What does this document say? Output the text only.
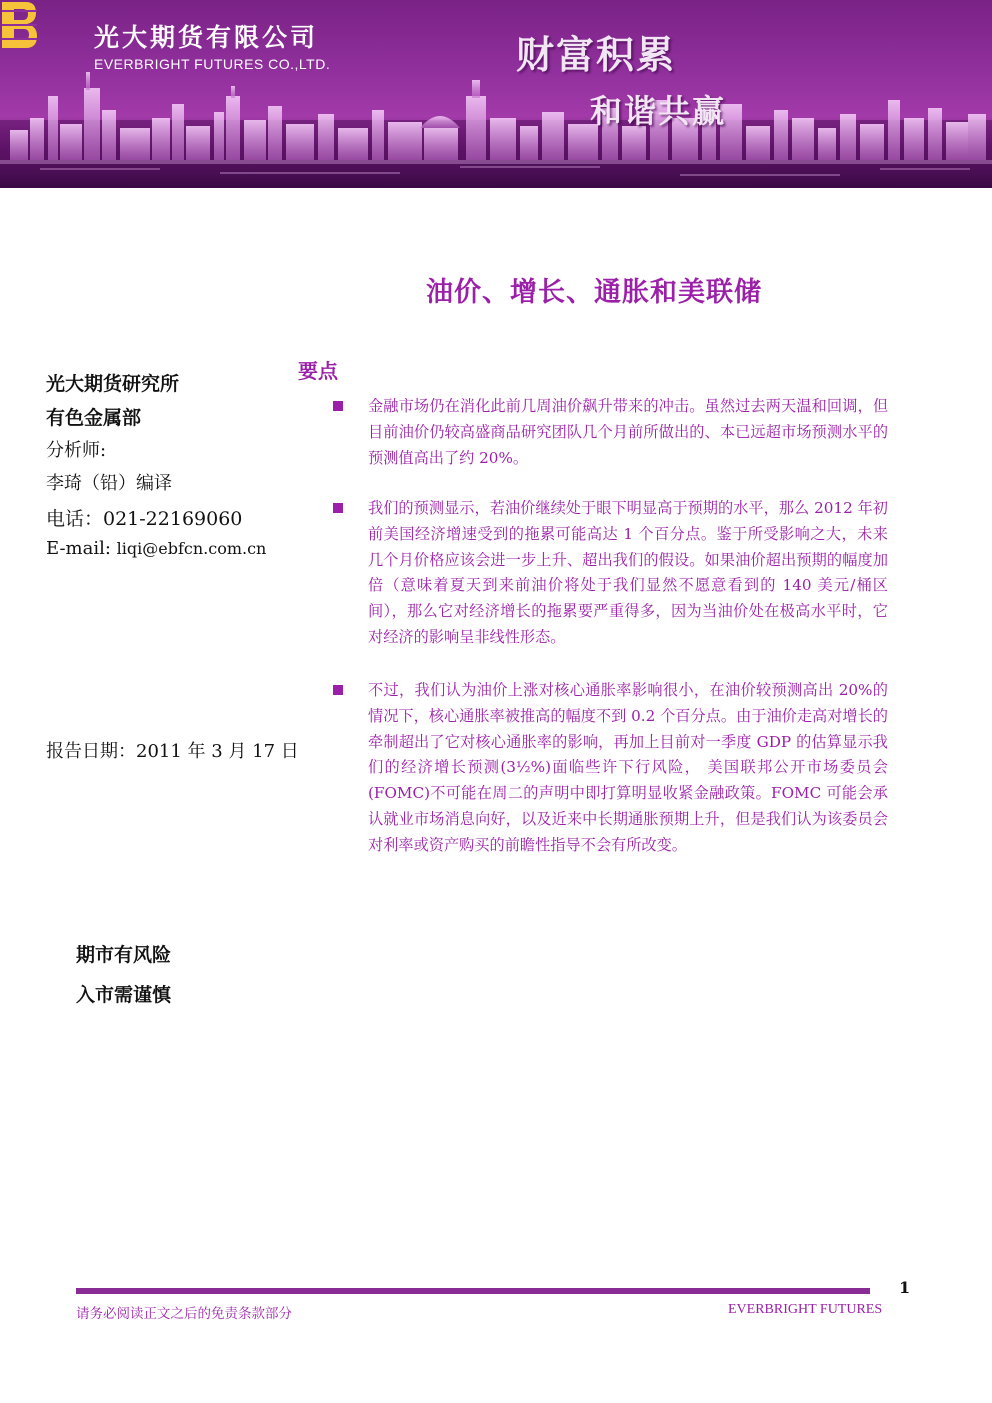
光大期货有限公司
EVERBRIGHT FUTURES CO.,LTD.	财富积累
和谐共赢
油价、增长、通胀和美联储
光大期货研究所
有色金属部
分析师:
李琦（铅）编译
电话：021-22169060
E-mail: liqi@ebfcn.com.cn
报告日期：2011 年 3 月 17 日
期市有风险
入市需谨慎
要点
金融市场仍在消化此前几周油价飙升带来的冲击。虽然过去两天温和回调，但目前油价仍较高盛商品研究团队几个月前所做出的、本已远超市场预测水平的预测值高出了约 20%。
我们的预测显示，若油价继续处于眼下明显高于预期的水平，那么 2012 年初前美国经济增速受到的拖累可能高达 1 个百分点。鉴于所受影响之大，未来几个月价格应该会进一步上升、超出我们的假设。如果油价超出预期的幅度加倍（意味着夏天到来前油价将处于我们显然不愿意看到的 140 美元/桶区间），那么它对经济增长的拖累要严重得多，因为当油价处在极高水平时，它对经济的影响呈非线性形态。
不过，我们认为油价上涨对核心通胀率影响很小，在油价较预测高出 20%的情况下，核心通胀率被推高的幅度不到 0.2 个百分点。由于油价走高对增长的牵制超出了它对核心通胀率的影响，再加上目前对一季度 GDP 的估算显示我们的经济增长预测(3½%)面临些许下行风险， 美国联邦公开市场委员会(FOMC)不可能在周二的声明中即打算明显收紧金融政策。FOMC 可能会承认就业市场消息向好，以及近来中长期通胀预期上升，但是我们认为该委员会对利率或资产购买的前瞻性指导不会有所改变。
1
请务必阅读正文之后的免责条款部分	EVERBRIGHT FUTURES
